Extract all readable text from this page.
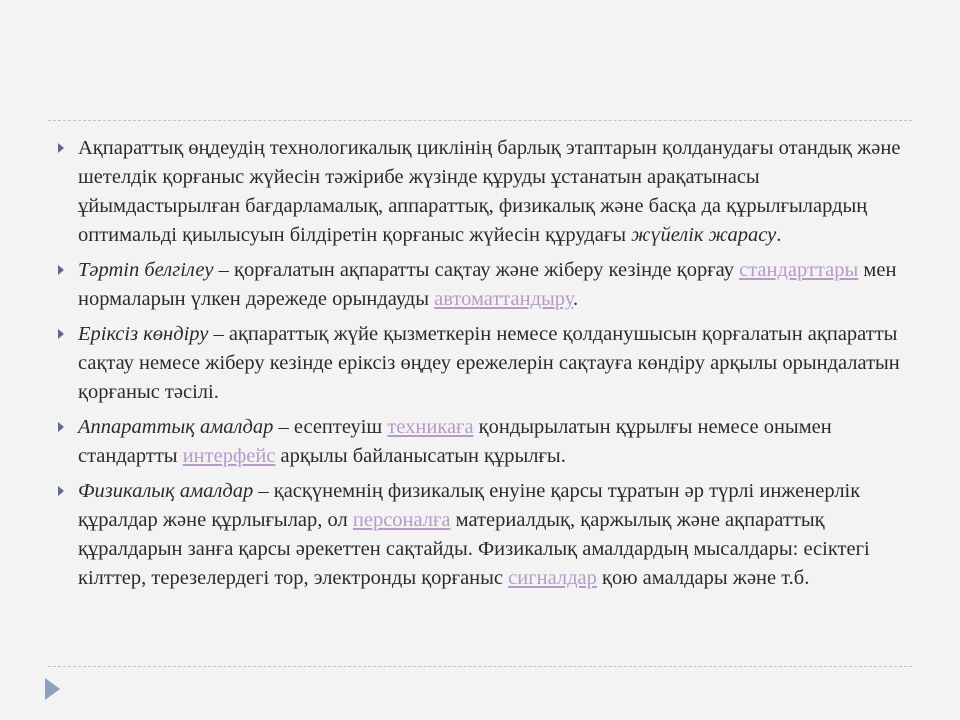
Ақпараттық өңдеудің технологикалық циклінің барлық этаптарын қолданудағы отандық және шетелдік қорғаныс жүйесін тәжірибе жүзінде құруды ұстанатын арақатынасы ұйымдастырылған бағдарламалық, аппараттық, физикалық және басқа да құрылғылардың оптимальді қиылысуын білдіретін қорғаныс жүйесін құрудағы жүйелік жарасу.
Тәртіп белгілеу – қорғалатын ақпаратты сақтау және жіберу кезінде қорғау стандарттары мен нормаларын үлкен дәрежеде орындауды автоматтандыру.
Еріксіз көндіру – ақпараттық жүйе қызметкерін немесе қолданушысын қорғалатын ақпаратты сақтау немесе жіберу кезінде еріксіз өңдеу ережелерін сақтауға көндіру арқылы орындалатын қорғаныс тәсілі.
Аппараттық амалдар – есептеуіш техникаға қондырылатын құрылғы немесе онымен стандартты интерфейс арқылы байланысатын құрылғы.
Физикалық амалдар – қасқүнемнің физикалық енуіне қарсы тұратын әр түрлі инженерлік құралдар және құрлығылар, ол персоналға материалдық, қаржылық және ақпараттық құралдарын занға қарсы әрекеттен сақтайды. Физикалық амалдардың мысалдары: есіктегі кілттер, терезелердегі тор, электронды қорғаныс сигналдар қою амалдары және т.б.
